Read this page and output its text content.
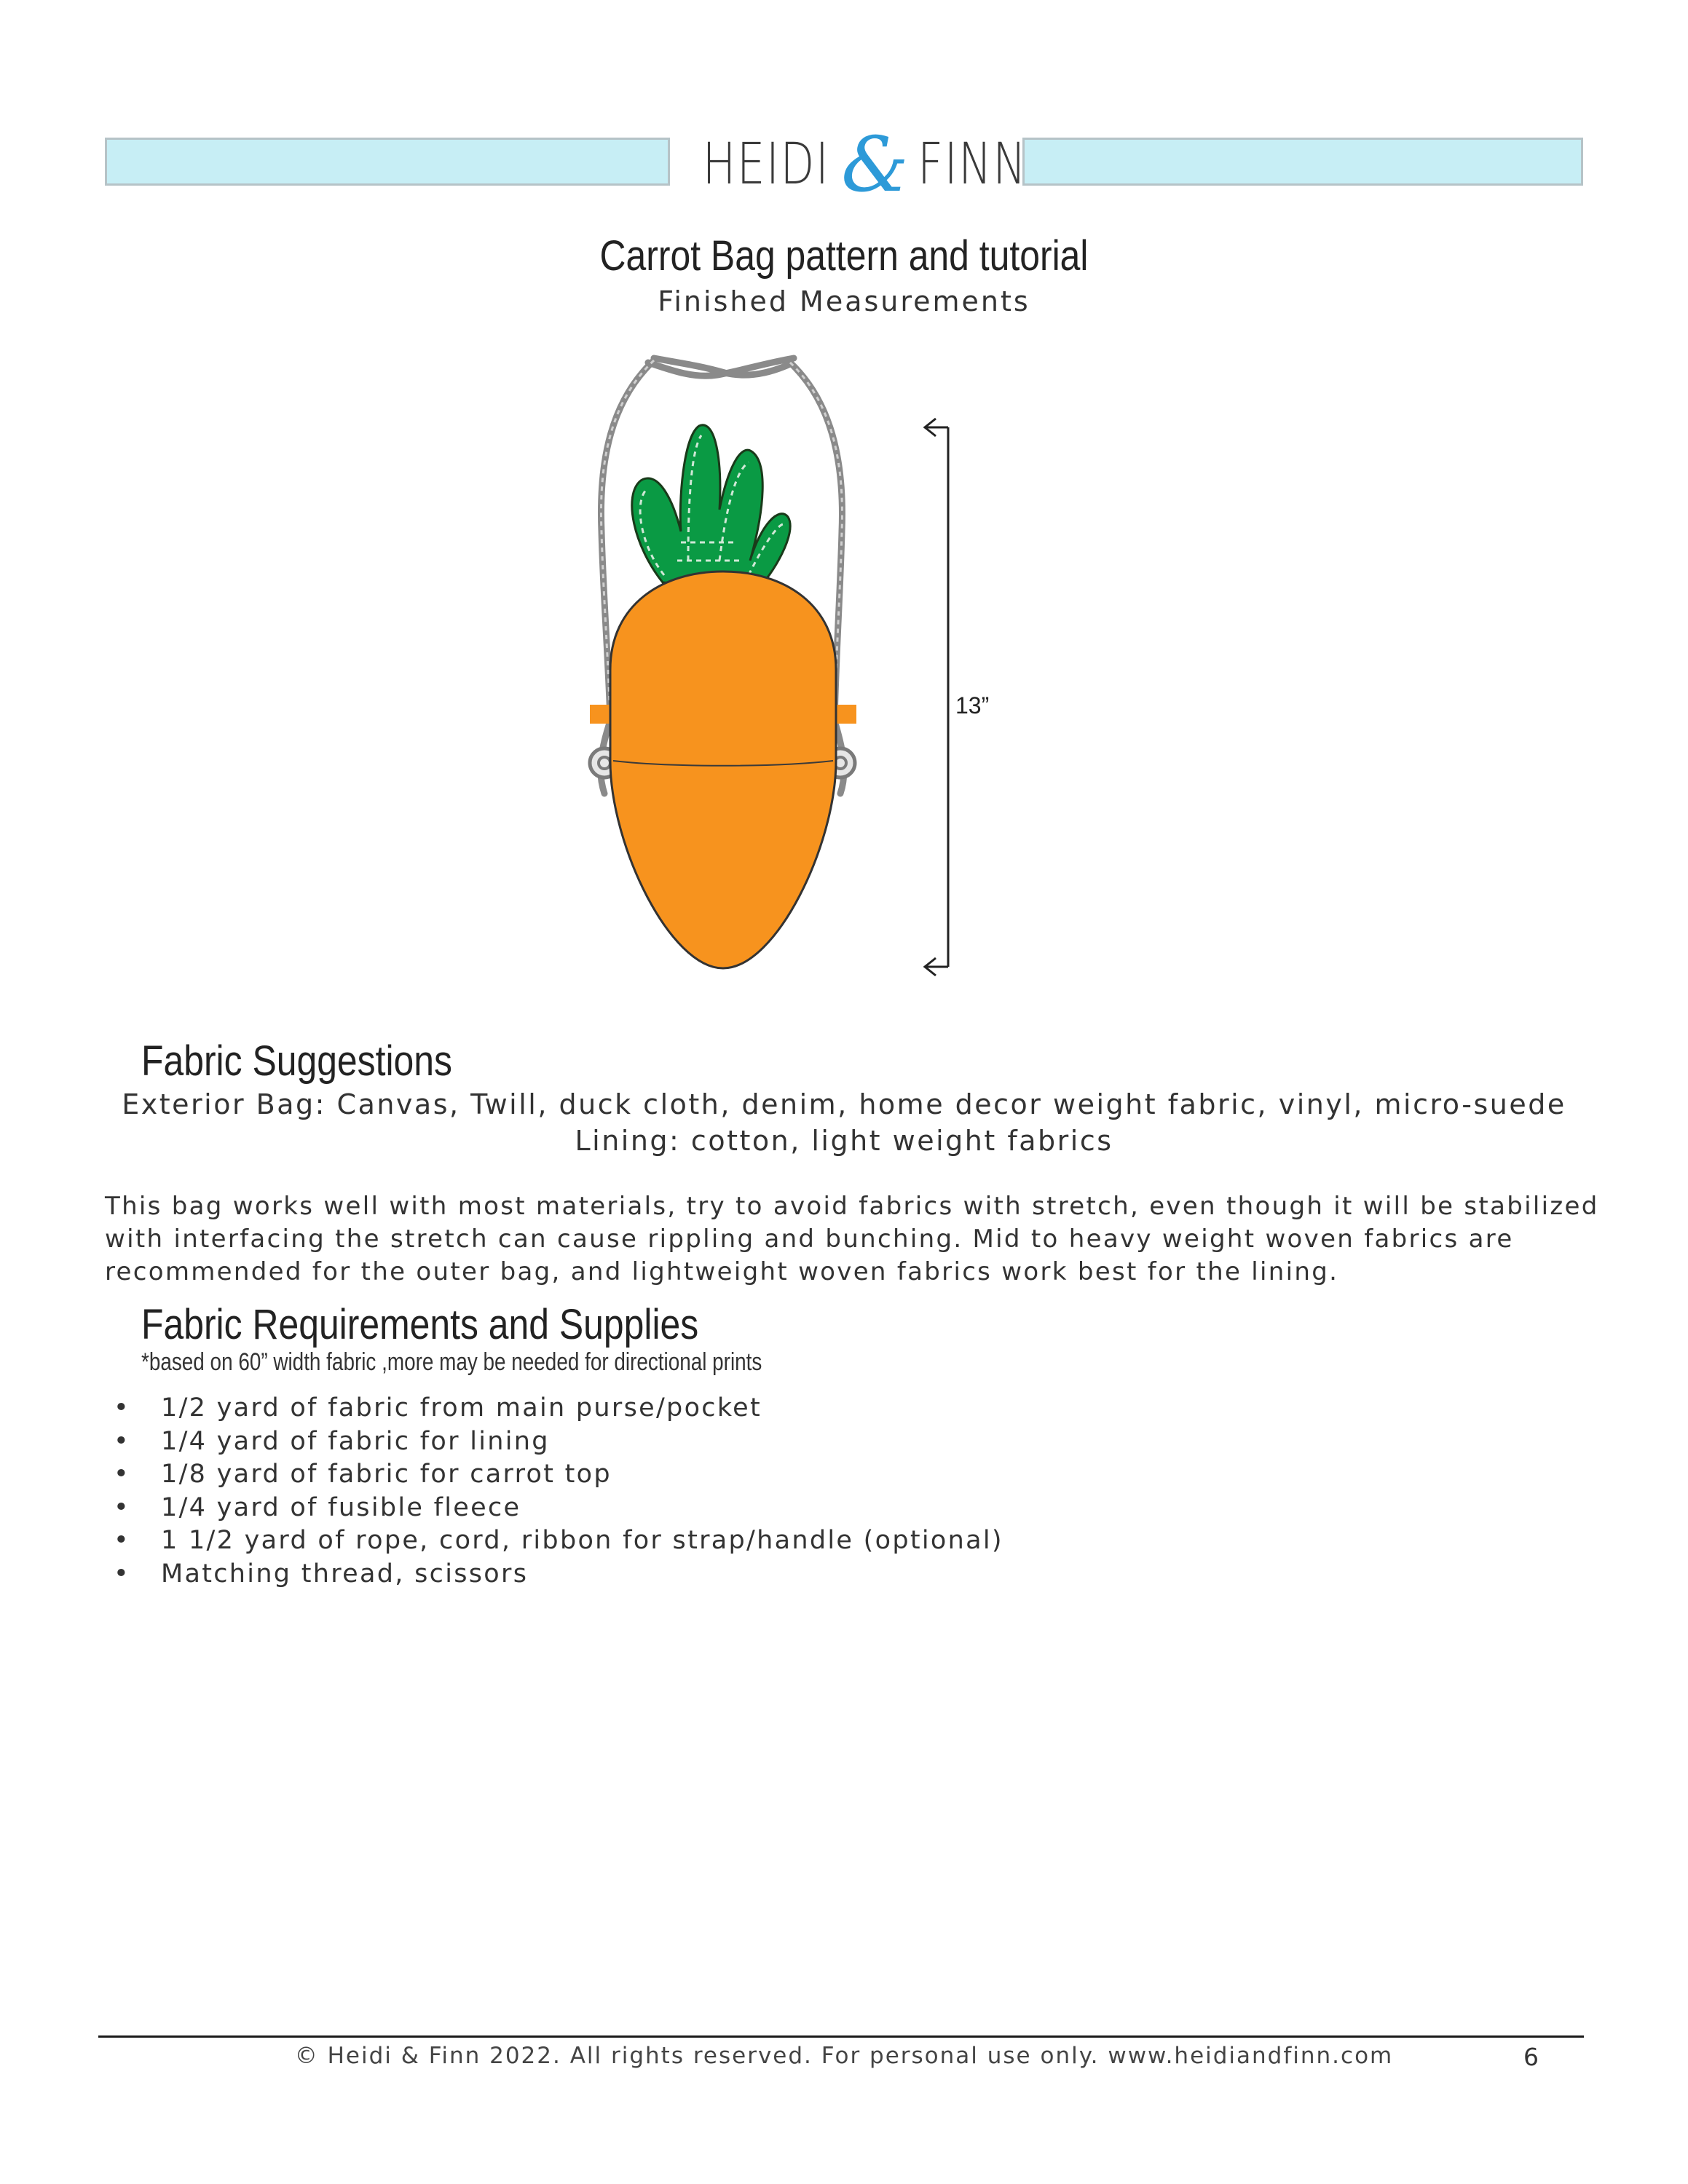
HEIDI & FINN
Carrot Bag pattern and tutorial
Finished Measurements
13”
Fabric Suggestions
Exterior Bag: Canvas, Twill, duck cloth, denim, home decor weight fabric, vinyl, micro-suede
Lining: cotton, light weight fabrics
This bag works well with most materials, try to avoid fabrics with stretch, even though it will be stabilized
with interfacing the stretch can cause rippling and bunching. Mid to heavy weight woven fabrics are
recommended for the outer bag, and lightweight woven fabrics work best for the lining.
Fabric Requirements and Supplies
*based on 60” width fabric ,more may be needed for directional prints
• 1/2 yard of fabric from main purse/pocket
• 1/4 yard of fabric for lining
• 1/8 yard of fabric for carrot top
• 1/4 yard of fusible fleece
• 1 1/2 yard of rope, cord, ribbon for strap/handle (optional)
• Matching thread, scissors
© Heidi & Finn 2022. All rights reserved. For personal use only. www.heidiandfinn.com	6
